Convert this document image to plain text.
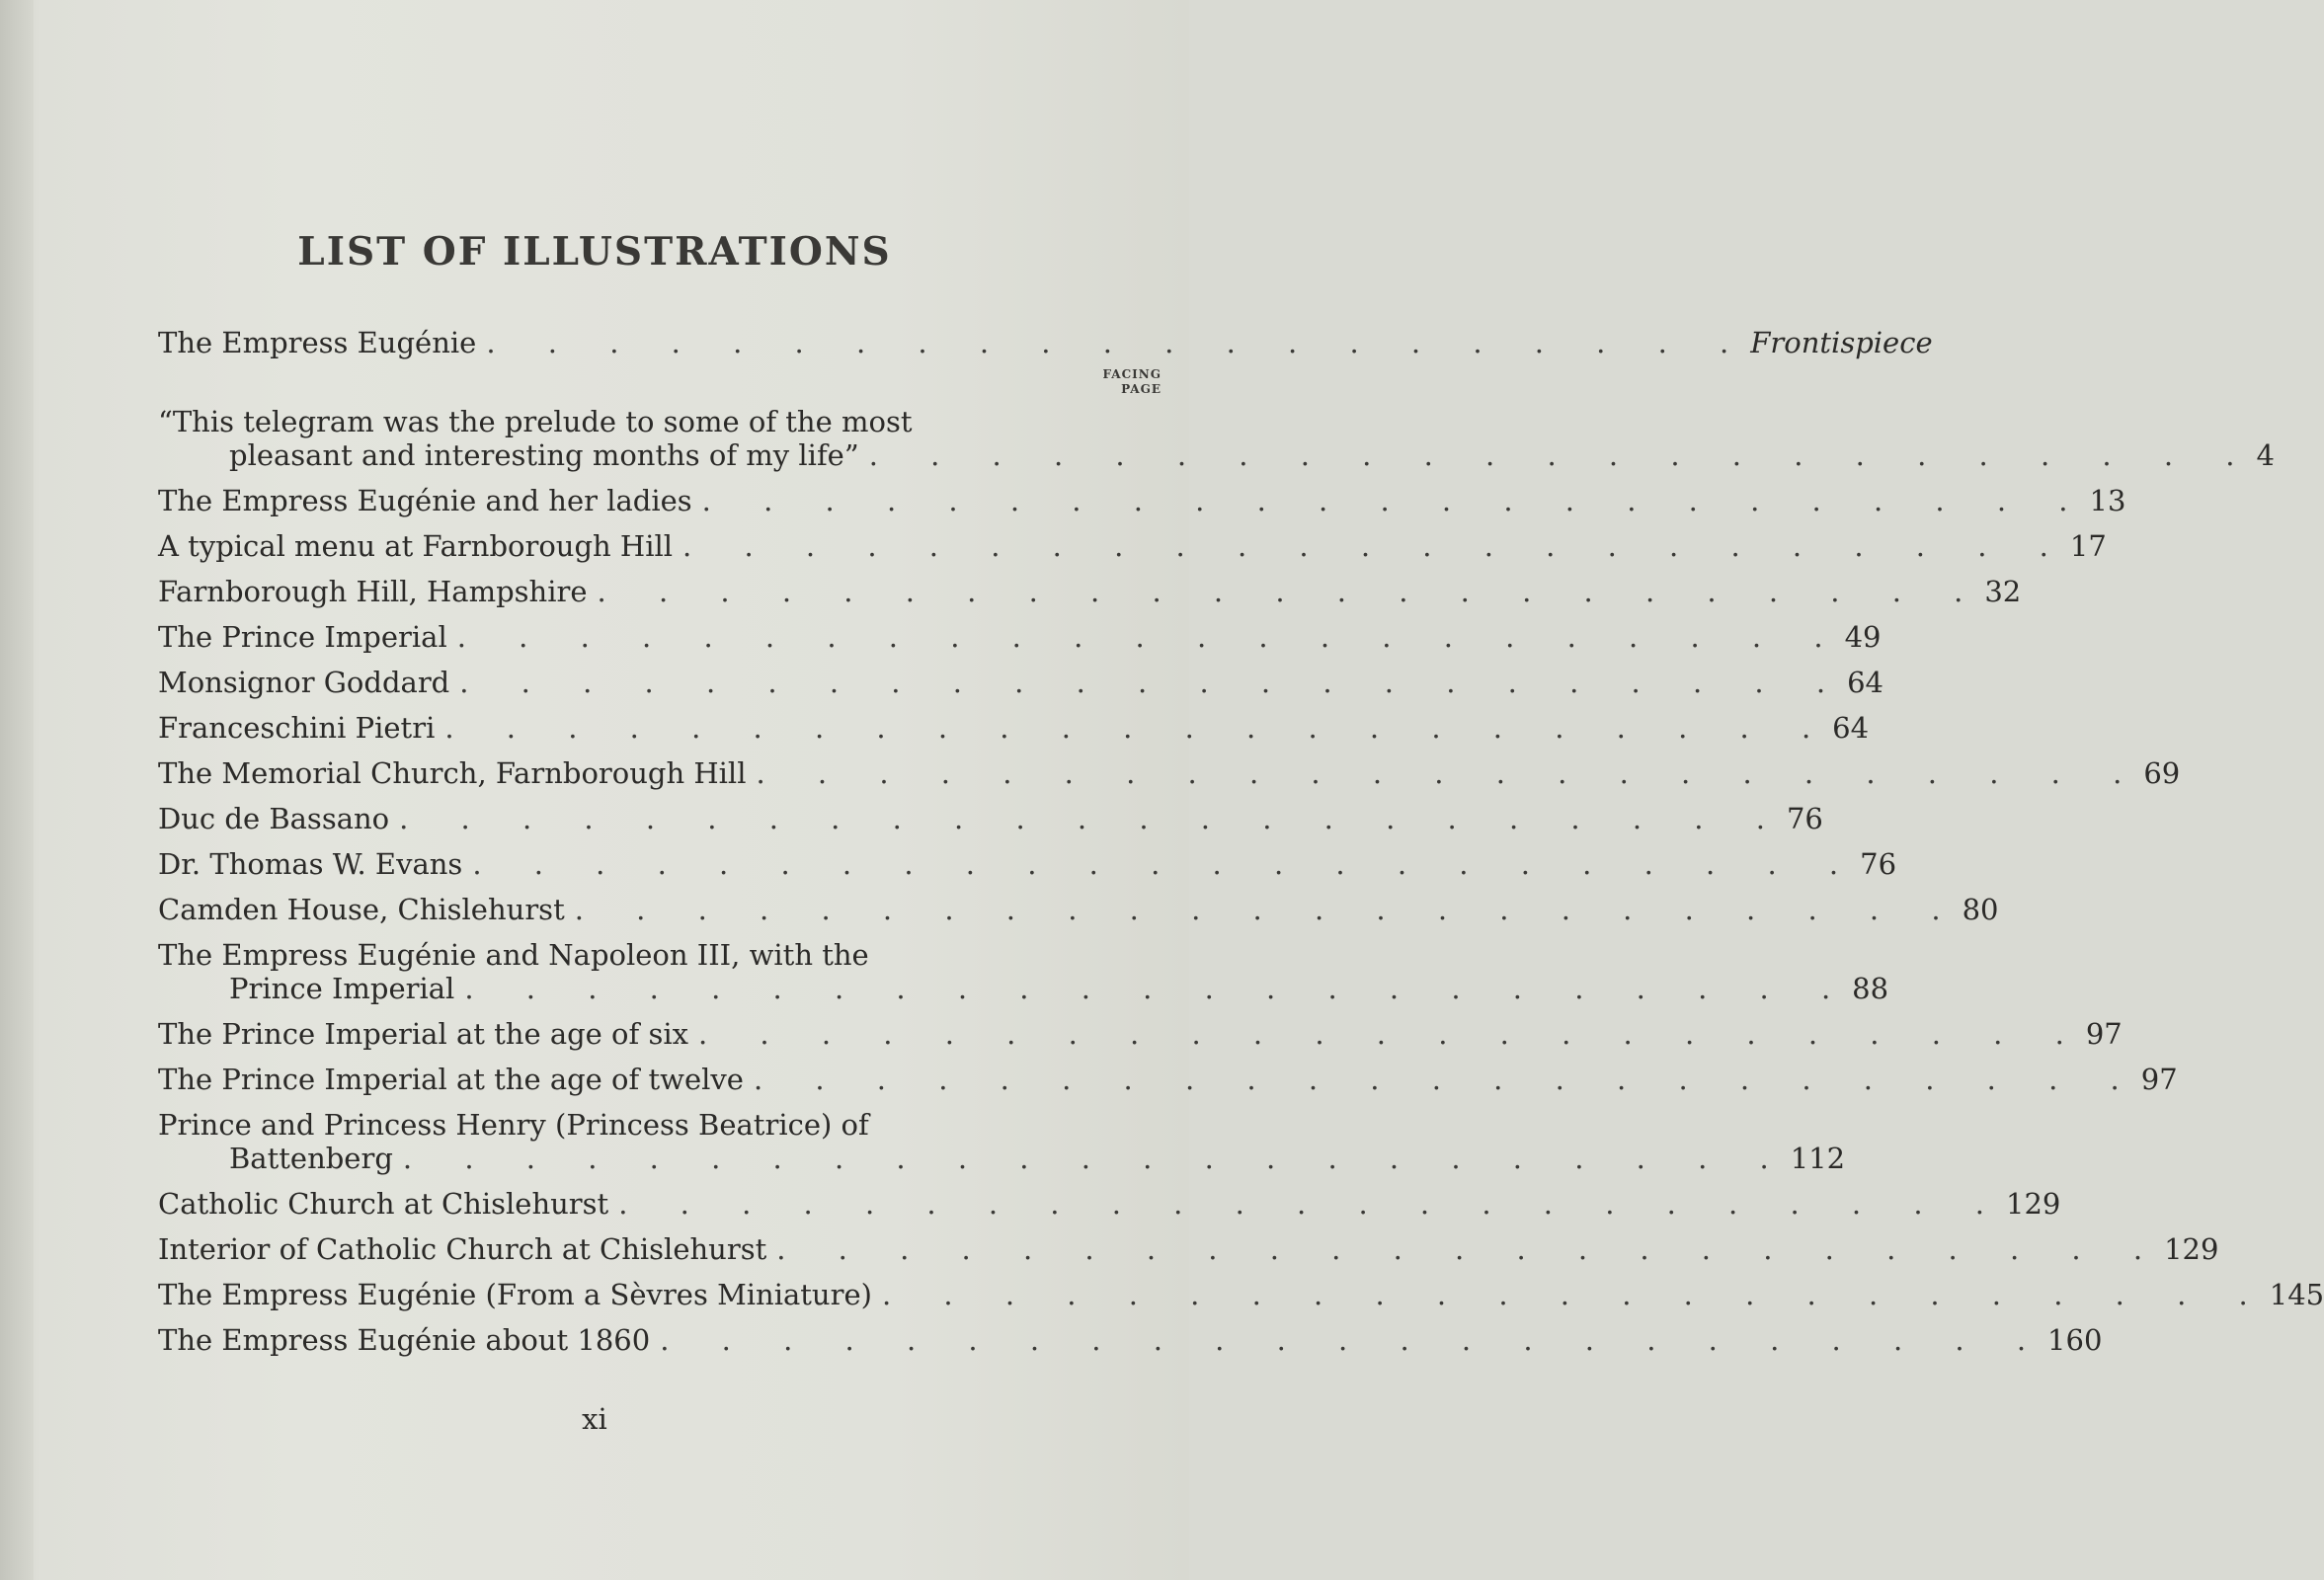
LIST OF ILLUSTRATIONS
FACING
PAGE
The Empress Eugénie . . . . . . . . . . . . . . . . . . . . . Frontispiece
“This telegram was the prelude to some of the most
pleasant and interesting months of my life” . . . . . . . . . . . . . . . . . . . . . . . 4
The Empress Eugénie and her ladies . . . . . . . . . . . . . . . . . . . . . . . 13
A typical menu at Farnborough Hill . . . . . . . . . . . . . . . . . . . . . . . 17
Farnborough Hill, Hampshire . . . . . . . . . . . . . . . . . . . . . . . 32
The Prince Imperial . . . . . . . . . . . . . . . . . . . . . . . 49
Monsignor Goddard . . . . . . . . . . . . . . . . . . . . . . . 64
Franceschini Pietri . . . . . . . . . . . . . . . . . . . . . . . 64
The Memorial Church, Farnborough Hill . . . . . . . . . . . . . . . . . . . . . . . 69
Duc de Bassano . . . . . . . . . . . . . . . . . . . . . . . 76
Dr. Thomas W. Evans . . . . . . . . . . . . . . . . . . . . . . . 76
Camden House, Chislehurst . . . . . . . . . . . . . . . . . . . . . . . 80
The Empress Eugénie and Napoleon III, with the
Prince Imperial . . . . . . . . . . . . . . . . . . . . . . . 88
The Prince Imperial at the age of six . . . . . . . . . . . . . . . . . . . . . . . 97
The Prince Imperial at the age of twelve . . . . . . . . . . . . . . . . . . . . . . . 97
Prince and Princess Henry (Princess Beatrice) of
Battenberg . . . . . . . . . . . . . . . . . . . . . . . 112
Catholic Church at Chislehurst . . . . . . . . . . . . . . . . . . . . . . . 129
Interior of Catholic Church at Chislehurst . . . . . . . . . . . . . . . . . . . . . . . 129
The Empress Eugénie (From a Sèvres Miniature) . . . . . . . . . . . . . . . . . . . . . . . 145
The Empress Eugénie about 1860 . . . . . . . . . . . . . . . . . . . . . . . 160
xi
